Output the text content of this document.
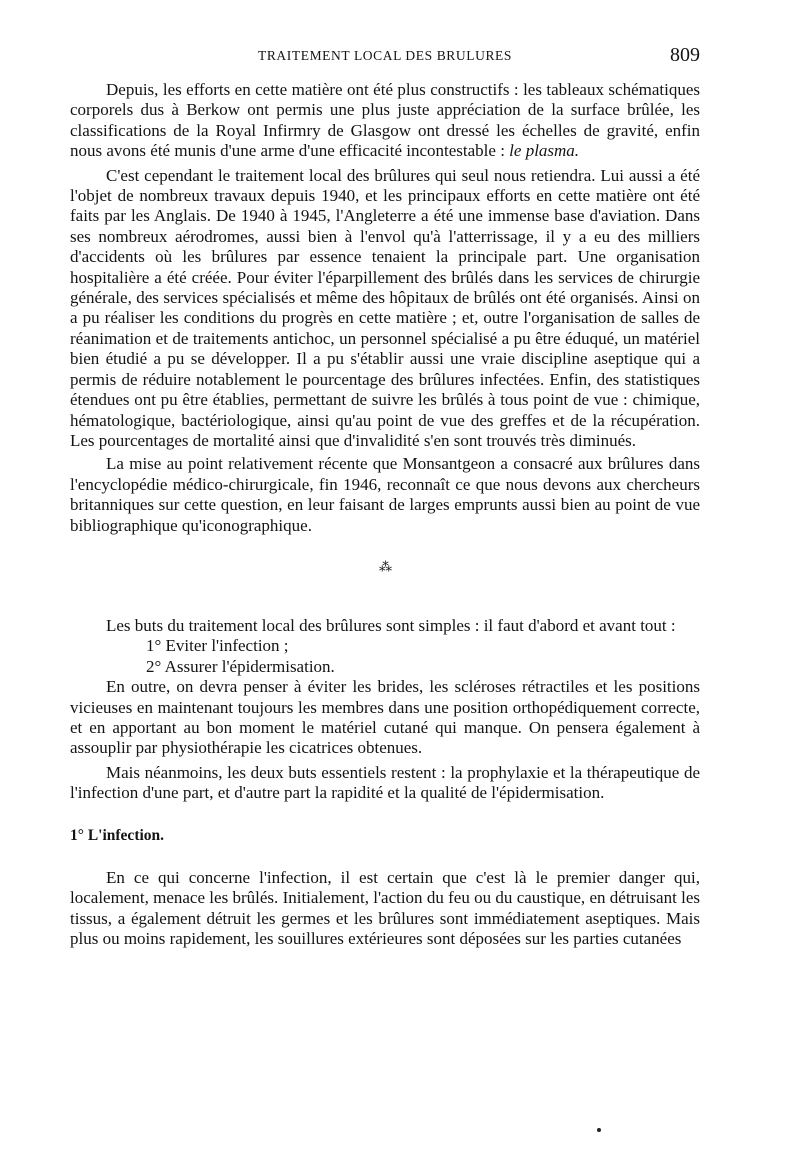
TRAITEMENT LOCAL DES BRULURES	809

Depuis, les efforts en cette matière ont été plus constructifs : les tableaux schématiques corporels dus à Berkow ont permis une plus juste appréciation de la surface brûlée, les classifications de la Royal Infirmry de Glasgow ont dressé les échelles de gravité, enfin nous avons été munis d'une arme d'une efficacité incontestable : le plasma.

C'est cependant le traitement local des brûlures qui seul nous retiendra. Lui aussi a été l'objet de nombreux travaux depuis 1940, et les principaux efforts en cette matière ont été faits par les Anglais. De 1940 à 1945, l'Angleterre a été une immense base d'aviation. Dans ses nombreux aérodromes, aussi bien à l'envol qu'à l'atterrissage, il y a eu des milliers d'accidents où les brûlures par essence tenaient la principale part. Une organisation hospitalière a été créée. Pour éviter l'éparpillement des brûlés dans les services de chirurgie générale, des services spécialisés et même des hôpitaux de brûlés ont été organisés. Ainsi on a pu réaliser les conditions du progrès en cette matière ; et, outre l'organisation de salles de réanimation et de traitements antichoc, un personnel spécialisé a pu être éduqué, un matériel bien étudié a pu se développer. Il a pu s'établir aussi une vraie discipline aseptique qui a permis de réduire notablement le pourcentage des brûlures infectées. Enfin, des statistiques étendues ont pu être établies, permettant de suivre les brûlés à tous point de vue : chimique, hématologique, bactériologique, ainsi qu'au point de vue des greffes et de la récupération. Les pourcentages de mortalité ainsi que d'invalidité s'en sont trouvés très diminués.

La mise au point relativement récente que Monsantgeon a consacré aux brûlures dans l'encyclopédie médico-chirurgicale, fin 1946, reconnaît ce que nous devons aux chercheurs britanniques sur cette question, en leur faisant de larges emprunts aussi bien au point de vue bibliographique qu'iconographique.

⁂

Les buts du traitement local des brûlures sont simples : il faut d'abord et avant tout :

1° Eviter l'infection ;
2° Assurer l'épidermisation.

En outre, on devra penser à éviter les brides, les scléroses rétractiles et les positions vicieuses en maintenant toujours les membres dans une position orthopédiquement correcte, et en apportant au bon moment le matériel cutané qui manque. On pensera également à assouplir par physiothérapie les cicatrices obtenues.

Mais néanmoins, les deux buts essentiels restent : la prophylaxie et la thérapeutique de l'infection d'une part, et d'autre part la rapidité et la qualité de l'épidermisation.

1° L'infection.

En ce qui concerne l'infection, il est certain que c'est là le premier danger qui, localement, menace les brûlés. Initialement, l'action du feu ou du caustique, en détruisant les tissus, a également détruit les germes et les brûlures sont immédiatement aseptiques. Mais plus ou moins rapidement, les souillures extérieures sont déposées sur les parties cutanées
